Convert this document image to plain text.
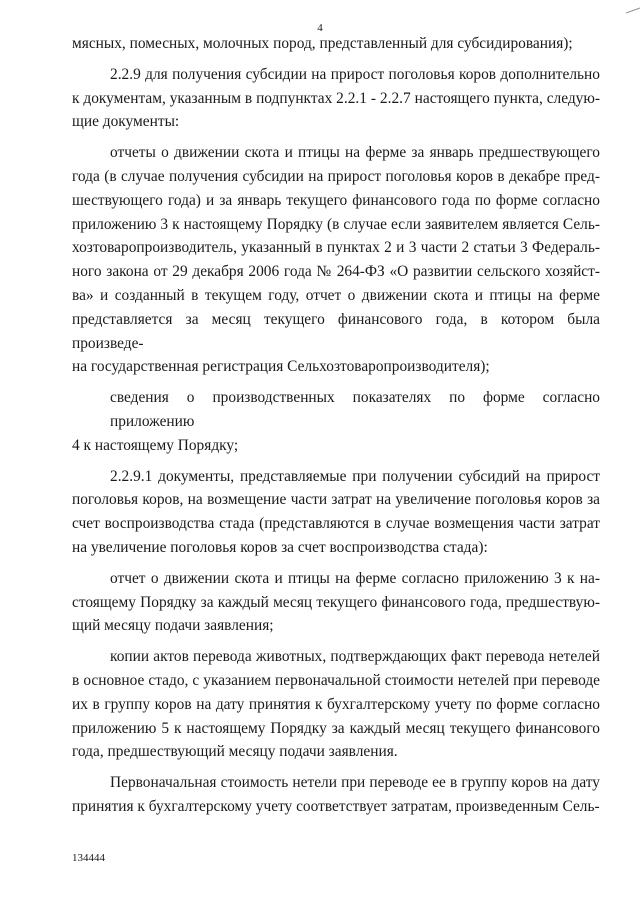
4

мясных, помесных, молочных пород, представленный для субсидирования);

2.2.9 для получения субсидии на прирост поголовья коров дополнительно
к документам, указанным в подпунктах 2.2.1 - 2.2.7 настоящего пункта, следую-
щие документы:

отчеты о движении скота и птицы на ферме за январь предшествующего
года (в случае получения субсидии на прирост поголовья коров в декабре пред-
шествующего года) и за январь текущего финансового года по форме согласно
приложению 3 к настоящему Порядку (в случае если заявителем является Сель-
хозтоваропроизводитель, указанный в пунктах 2 и 3 части 2 статьи 3 Федераль-
ного закона от 29 декабря 2006 года № 264-ФЗ «О развитии сельского хозяйст-
ва» и созданный в текущем году, отчет о движении скота и птицы на ферме
представляется за месяц текущего финансового года, в котором была произведе-
на государственная регистрация Сельхозтоваропроизводителя);

сведения о производственных показателях по форме согласно приложению
4 к настоящему Порядку;

2.2.9.1 документы, представляемые при получении субсидий на прирост
поголовья коров, на возмещение части затрат на увеличение поголовья коров за
счет воспроизводства стада (представляются в случае возмещения части затрат
на увеличение поголовья коров за счет воспроизводства стада):

отчет о движении скота и птицы на ферме согласно приложению 3 к на-
стоящему Порядку за каждый месяц текущего финансового года, предшествую-
щий месяцу подачи заявления;

копии актов перевода животных, подтверждающих факт перевода нетелей
в основное стадо, с указанием первоначальной стоимости нетелей при переводе
их в группу коров на дату принятия к бухгалтерскому учету по форме согласно
приложению 5 к настоящему Порядку за каждый месяц текущего финансового
года, предшествующий месяцу подачи заявления.

Первоначальная стоимость нетели при переводе ее в группу коров на дату
принятия к бухгалтерскому учету соответствует затратам, произведенным Сель-

134444
